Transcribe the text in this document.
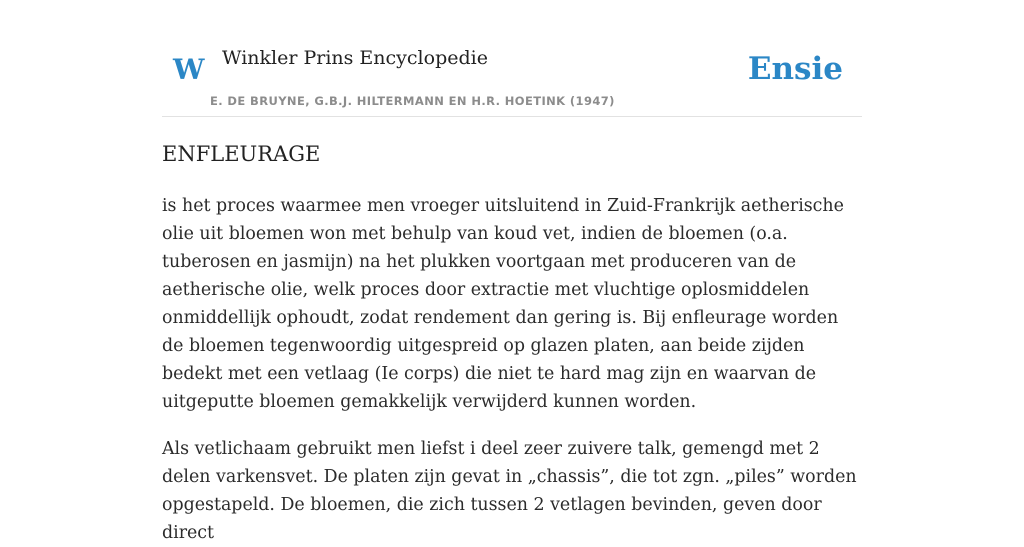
W Winkler Prins Encyclopedie
E. DE BRUYNE, G.B.J. HILTERMANN EN H.R. HOETINK (1947)
Ensie
ENFLEURAGE

is het proces waarmee men vroeger uitsluitend in Zuid-Frankrijk aetherische olie uit bloemen won met behulp van koud vet, indien de bloemen (o.a. tuberosen en jasmijn) na het plukken voortgaan met produceren van de aetherische olie, welk proces door extractie met vluchtige oplosmiddelen onmiddellijk ophoudt, zodat rendement dan gering is. Bij enfleurage worden de bloemen tegenwoordig uitgespreid op glazen platen, aan beide zijden bedekt met een vetlaag (Ie corps) die niet te hard mag zijn en waarvan de uitgeputte bloemen gemakkelijk verwijderd kunnen worden.

Als vetlichaam gebruikt men liefst i deel zeer zuivere talk, gemengd met 2 delen varkensvet. De platen zijn gevat in „chassis”, die tot zgn. „piles” worden opgestapeld. De bloemen, die zich tussen 2 vetlagen bevinden, geven door direct
